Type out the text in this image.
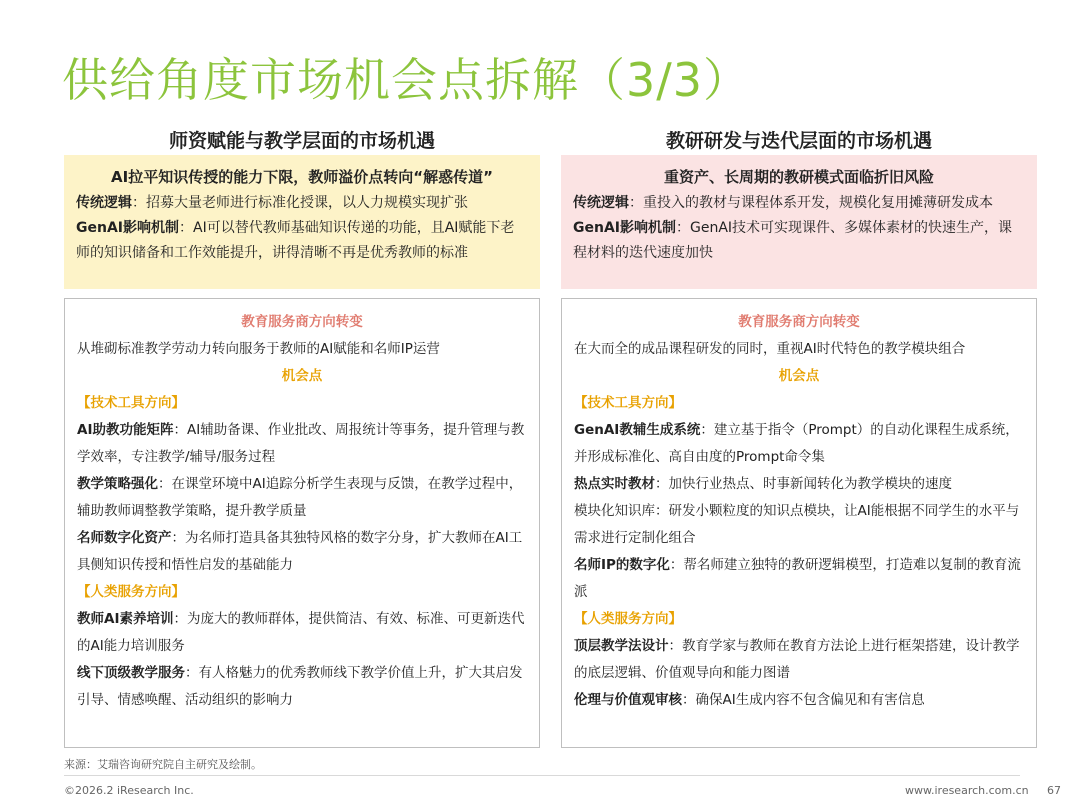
供给角度市场机会点拆解（3/3）
师资赋能与教学层面的市场机遇	教研研发与迭代层面的市场机遇
AI拉平知识传授的能力下限，教师溢价点转向“解惑传道”
传统逻辑：招募大量老师进行标准化授课，以人力规模实现扩张
GenAI影响机制：AI可以替代教师基础知识传递的功能，且AI赋能下老师的知识储备和工作效能提升，讲得清晰不再是优秀教师的标准
重资产、长周期的教研模式面临折旧风险
传统逻辑：重投入的教材与课程体系开发，规模化复用摊薄研发成本
GenAI影响机制：GenAI技术可实现课件、多媒体素材的快速生产，课程材料的迭代速度加快
教育服务商方向转变
从堆砌标准教学劳动力转向服务于教师的AI赋能和名师IP运营
机会点
【技术工具方向】
AI助教功能矩阵：AI辅助备课、作业批改、周报统计等事务，提升管理与教学效率，专注教学/辅导/服务过程
教学策略强化：在课堂环境中AI追踪分析学生表现与反馈，在教学过程中，辅助教师调整教学策略，提升教学质量
名师数字化资产：为名师打造具备其独特风格的数字分身，扩大教师在AI工具侧知识传授和悟性启发的基础能力
【人类服务方向】
教师AI素养培训：为庞大的教师群体，提供简洁、有效、标准、可更新迭代的AI能力培训服务
线下顶级教学服务：有人格魅力的优秀教师线下教学价值上升，扩大其启发引导、情感唤醒、活动组织的影响力
教育服务商方向转变
在大而全的成品课程研发的同时，重视AI时代特色的教学模块组合
机会点
【技术工具方向】
GenAI教辅生成系统：建立基于指令（Prompt）的自动化课程生成系统，并形成标准化、高自由度的Prompt命令集
热点实时教材：加快行业热点、时事新闻转化为教学模块的速度
模块化知识库：研发小颗粒度的知识点模块，让AI能根据不同学生的水平与需求进行定制化组合
名师IP的数字化：帮名师建立独特的教研逻辑模型，打造难以复制的教育流派
【人类服务方向】
顶层教学法设计：教育学家与教师在教育方法论上进行框架搭建，设计教学的底层逻辑、价值观导向和能力图谱
伦理与价值观审核：确保AI生成内容不包含偏见和有害信息
来源：艾瑞咨询研究院自主研究及绘制。
©2026.2 iResearch Inc.	www.iresearch.com.cn 67
